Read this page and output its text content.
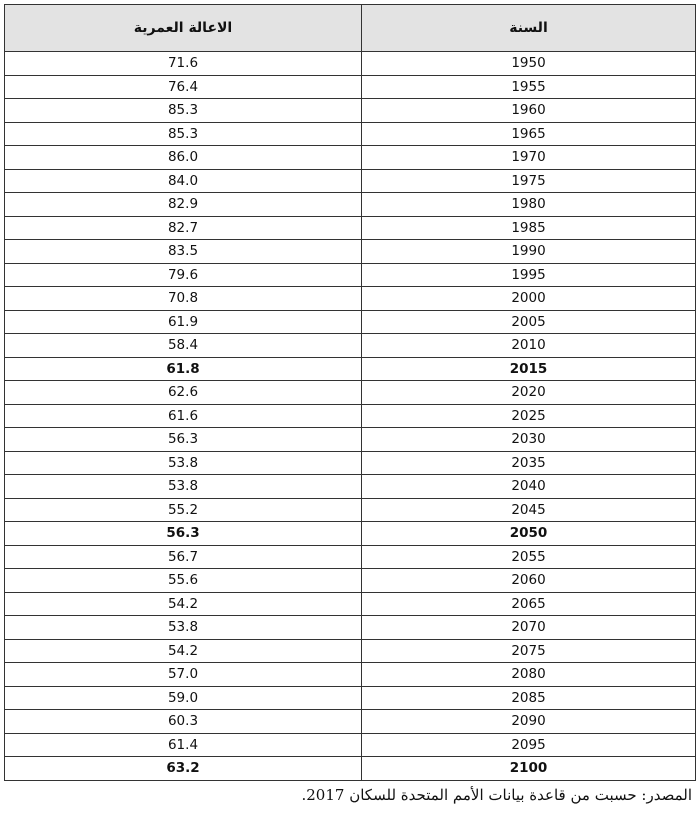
الاعالة العمرية	السنة
71.6	1950
76.4	1955
85.3	1960
85.3	1965
86.0	1970
84.0	1975
82.9	1980
82.7	1985
83.5	1990
79.6	1995
70.8	2000
61.9	2005
58.4	2010
61.8	2015
62.6	2020
61.6	2025
56.3	2030
53.8	2035
53.8	2040
55.2	2045
56.3	2050
56.7	2055
55.6	2060
54.2	2065
53.8	2070
54.2	2075
57.0	2080
59.0	2085
60.3	2090
61.4	2095
63.2	2100
المصدر: حسبت من قاعدة بيانات الأمم المتحدة للسكان 2017.
